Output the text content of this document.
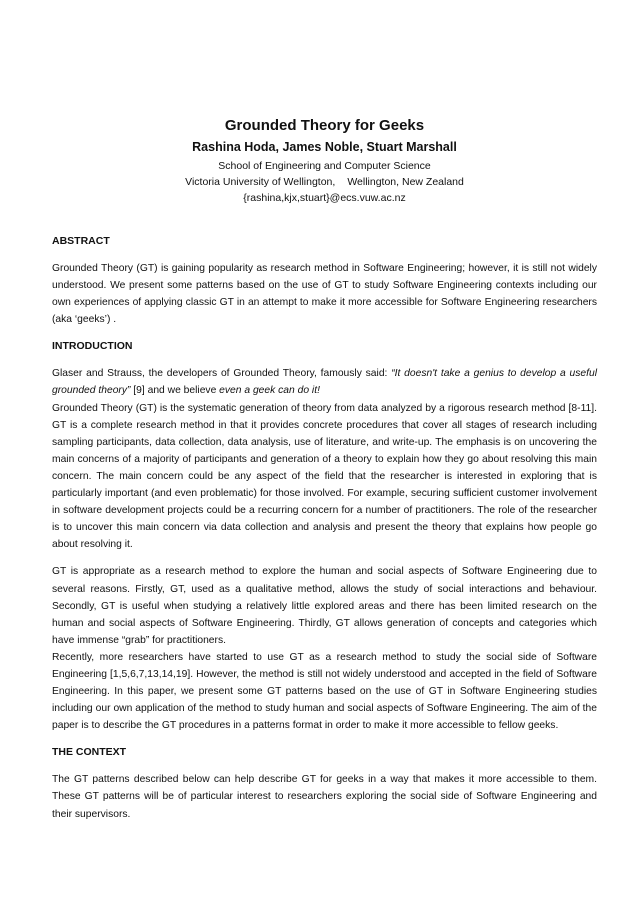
Grounded Theory for Geeks
Rashina Hoda, James Noble, Stuart Marshall
School of Engineering and Computer Science
Victoria University of Wellington, Wellington, New Zealand
{rashina,kjx,stuart}@ecs.vuw.ac.nz
ABSTRACT

Grounded Theory (GT) is gaining popularity as research method in Software Engineering; however, it is still not widely understood. We present some patterns based on the use of GT to study Software Engineering contexts including our own experiences of applying classic GT in an attempt to make it more accessible for Software Engineering researchers (aka ‘geeks’) .

INTRODUCTION

Glaser and Strauss, the developers of Grounded Theory, famously said: “It doesn't take a genius to develop a useful grounded theory” [9] and we believe even a geek can do it!

Grounded Theory (GT) is the systematic generation of theory from data analyzed by a rigorous research method [8-11]. GT is a complete research method in that it provides concrete procedures that cover all stages of research including sampling participants, data collection, data analysis, use of literature, and write-up. The emphasis is on uncovering the main concerns of a majority of participants and generation of a theory to explain how they go about resolving this main concern. The main concern could be any aspect of the field that the researcher is interested in exploring that is particularly important (and even problematic) for those involved. For example, securing sufficient customer involvement in software development projects could be a recurring concern for a number of practitioners. The role of the researcher is to uncover this main concern via data collection and analysis and present the theory that explains how people go about resolving it.

GT is appropriate as a research method to explore the human and social aspects of Software Engineering due to several reasons. Firstly, GT, used as a qualitative method, allows the study of social interactions and behaviour. Secondly, GT is useful when studying a relatively little explored areas and there has been limited research on the human and social aspects of Software Engineering. Thirdly, GT allows generation of concepts and categories which have immense “grab” for practitioners.

Recently, more researchers have started to use GT as a research method to study the social side of Software Engineering [1,5,6,7,13,14,19]. However, the method is still not widely understood and accepted in the field of Software Engineering. In this paper, we present some GT patterns based on the use of GT in Software Engineering studies including our own application of the method to study human and social aspects of Software Engineering. The aim of the paper is to describe the GT procedures in a patterns format in order to make it more accessible to fellow geeks.

THE CONTEXT

The GT patterns described below can help describe GT for geeks in a way that makes it more accessible to them. These GT patterns will be of particular interest to researchers exploring the social side of Software Engineering and their supervisors.
